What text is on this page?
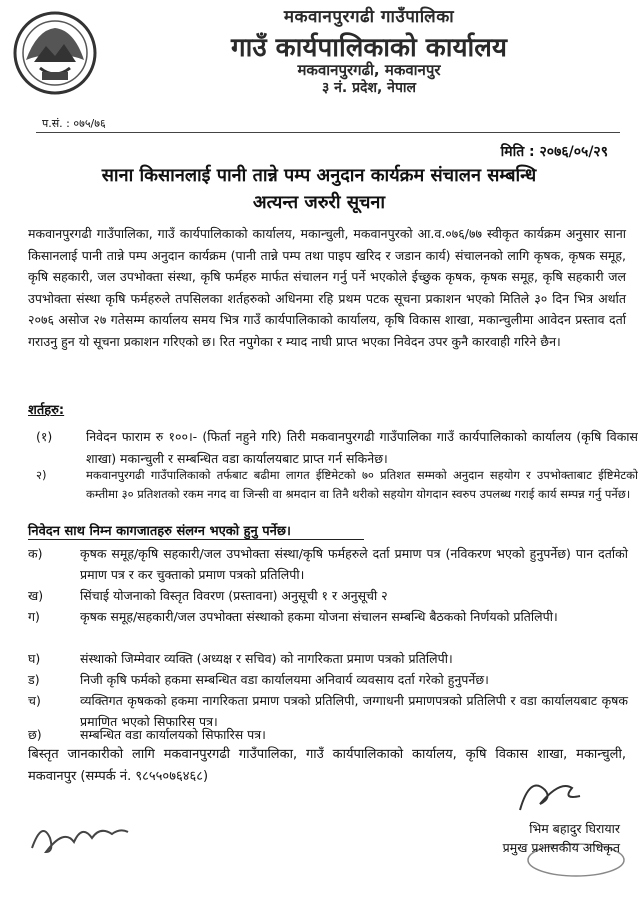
मकवानपुरगढी गाउँपालिका
गाउँ कार्यपालिकाको कार्यालय
मकवानपुरगढी, मकवानपुर
३ नं. प्रदेश, नेपाल
प.सं. : ०७५/७६
मिति : २०७६/०५/२९
साना किसानलाई पानी तान्ने पम्प अनुदान कार्यक्रम संचालन सम्बन्धि
अत्यन्त जरुरी सूचना
मकवानपुरगढी गाउँपालिका, गाउँ कार्यपालिकाको कार्यालय, मकान्चुली, मकवानपुरको आ.व.०७६/७७ स्वीकृत कार्यक्रम अनुसार साना किसानलाई पानी तान्ने पम्प अनुदान कार्यक्रम (पानी तान्ने पम्प तथा पाइप खरिद र जडान कार्य) संचालनको लागि कृषक, कृषक समूह, कृषि सहकारी, जल उपभोक्ता संस्था, कृषि फर्महरु मार्फत संचालन गर्नु पर्ने भएकोले ईच्छुक कृषक, कृषक समूह, कृषि सहकारी जल उपभोक्ता संस्था कृषि फर्महरुले तपसिलका शर्तहरुको अधिनमा रहि प्रथम पटक सूचना प्रकाशन भएको मितिले ३० दिन भित्र अर्थात २०७६ असोज २७ गतेसम्म कार्यालय समय भित्र गाउँ कार्यपालिकाको कार्यालय, कृषि विकास शाखा, मकान्चुलीमा आवेदन प्रस्ताव दर्ता गराउनु हुन यो सूचना प्रकाशन गरिएको छ। रित नपुगेका र म्याद नाघी प्राप्त भएका निवेदन उपर कुनै कारवाही गरिने छैन।
शर्तहरु:
(१)	निवेदन फाराम रु १००।- (फिर्ता नहुने गरि) तिरी मकवानपुरगढी गाउँपालिका गाउँ कार्यपालिकाको कार्यालय (कृषि विकास शाखा) मकान्चुली र सम्बन्धित वडा कार्यालयबाट प्राप्त गर्न सकिनेछ।
२)	मकवानपुरगढी गाउँपालिकाको तर्फबाट बढीमा लागत ईष्टिमेटको ७० प्रतिशत सम्मको अनुदान सहयोग र उपभोक्ताबाट ईष्टिमेटको कम्तीमा ३० प्रतिशतको रकम नगद वा जिन्सी वा श्रमदान वा तिनै थरीको सहयोग योगदान स्वरुप उपलब्ध गराई कार्य सम्पन्न गर्नु पर्नेछ।
निवेदन साथ निम्न कागजातहरु संलग्न भएको हुनु पर्नेछ।
क)	कृषक समूह/कृषि सहकारी/जल उपभोक्ता संस्था/कृषि फर्महरुले दर्ता प्रमाण पत्र (नविकरण भएको हुनुपर्नेछ) पान दर्ताको प्रमाण पत्र र कर चुक्ताको प्रमाण पत्रको प्रतिलिपी।
ख)	सिंचाई योजनाको विस्तृत विवरण (प्रस्तावना) अनुसूची १ र अनुसूची २
ग)	कृषक समूह/सहकारी/जल उपभोक्ता संस्थाको हकमा योजना संचालन सम्बन्धि बैठकको निर्णयको प्रतिलिपी।
घ)	संस्थाको जिम्मेवार व्यक्ति (अध्यक्ष र सचिव) को नागरिकता प्रमाण पत्रको प्रतिलिपी।
ड)	निजी कृषि फर्मको हकमा सम्बन्धित वडा कार्यालयमा अनिवार्य व्यवसाय दर्ता गरेको हुनुपर्नेछ।
च)	व्यक्तिगत कृषकको हकमा नागरिकता प्रमाण पत्रको प्रतिलिपी, जग्गाधनी प्रमाणपत्रको प्रतिलिपी र वडा कार्यालयबाट कृषक प्रमाणित भएको सिफारिस पत्र।
छ)	सम्बन्धित वडा कार्यालयको सिफारिस पत्र।
बिस्तृत जानकारीको लागि मकवानपुरगढी गाउँपालिका, गाउँ कार्यपालिकाको कार्यालय, कृषि विकास शाखा, मकान्चुली, मकवानपुर (सम्पर्क नं. ९८५५०७६४६८)
भिम बहादुर घिरायार
प्रमुख प्रशासकीय अधिकृत
